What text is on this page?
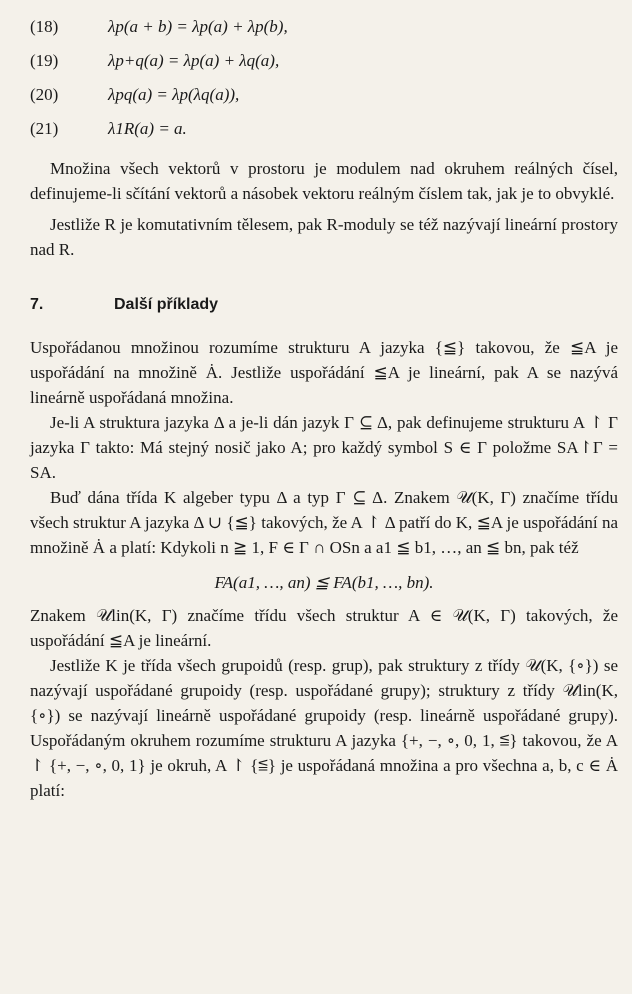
(18)	λp(a + b) = λp(a) + λp(b),
(19)	λp+q(a) = λp(a) + λq(a),
(20)	λpq(a) = λp(λq(a)),
(21)	λ1R(a) = a.

Množina všech vektorů v prostoru je modulem nad okruhem reálných čísel, definujeme-li sčítání vektorů a násobek vektoru reálným číslem tak, jak je to obvyklé.

Jestliže R je komutativním tělesem, pak R-moduly se též nazývají lineární prostory nad R.

7.	Další příklady

Uspořádanou množinou rozumíme strukturu A jazyka {≦} takovou, že ≦A je uspořádání na množině Ȧ. Jestliže uspořádání ≦A je lineární, pak A se nazývá lineárně uspořádaná množina.

Je-li A struktura jazyka Δ a je-li dán jazyk Γ ⊆ Δ, pak definujeme strukturu A ↾ Γ jazyka Γ takto: Má stejný nosič jako A; pro každý symbol S ∈ Γ položme SA↾Γ = SA.

Buď dána třída K algeber typu Δ a typ Γ ⊆ Δ. Znakem 𝒰(K, Γ) značíme třídu všech struktur A jazyka Δ ∪ {≦} takových, že A ↾ Δ patří do K, ≦A je uspořádání na množině Ȧ a platí: Kdykoli n ≧ 1, F ∈ Γ ∩ OSn a a1 ≦ b1, …, an ≦ bn, pak též

FA(a1, …, an) ≦ FA(b1, …, bn).

Znakem 𝒰lin(K, Γ) značíme třídu všech struktur A ∈ 𝒰(K, Γ) takových, že uspořádání ≦A je lineární.

Jestliže K je třída všech grupoidů (resp. grup), pak struktury z třídy 𝒰(K, {∘}) se nazývají uspořádané grupoidy (resp. uspořádané grupy); struktury z třídy 𝒰lin(K, {∘}) se nazývají lineárně uspořádané grupoidy (resp. lineárně uspořádané grupy). Uspořádaným okruhem rozumíme strukturu A jazyka {+, −, ∘, 0, 1, ≦} takovou, že A ↾ {+, −, ∘, 0, 1} je okruh, A ↾ {≦} je uspořádaná množina a pro všechna a, b, c ∈ Ȧ platí:
